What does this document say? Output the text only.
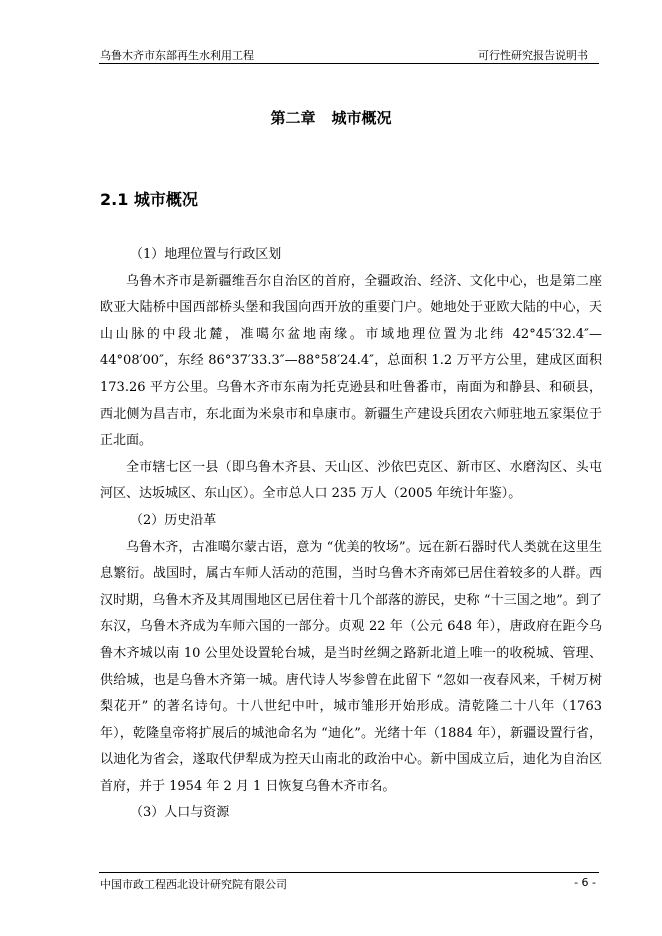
乌鲁木齐市东部再生水利用工程	可行性研究报告说明书
第二章 城市概况
2.1 城市概况

（1）地理位置与行政区划

乌鲁木齐市是新疆维吾尔自治区的首府，全疆政治、经济、文化中心，也是第二座欧亚大陆桥中国西部桥头堡和我国向西开放的重要门户。她地处于亚欧大陆的中心，天山山脉的中段北麓，准噶尔盆地南缘。市域地理位置为北纬 42°45′32.4″—44°08′00″，东经 86°37′33.3″—88°58′24.4″，总面积 1.2 万平方公里，建成区面积 173.26 平方公里。乌鲁木齐市东南为托克逊县和吐鲁番市，南面为和静县、和硕县，西北侧为昌吉市，东北面为米泉市和阜康市。新疆生产建设兵团农六师驻地五家渠位于正北面。

全市辖七区一县（即乌鲁木齐县、天山区、沙依巴克区、新市区、水磨沟区、头屯河区、达坂城区、东山区）。全市总人口 235 万人（2005 年统计年鉴）。

（2）历史沿革

乌鲁木齐，古准噶尔蒙古语，意为 “优美的牧场”。远在新石器时代人类就在这里生息繁衍。战国时，属古车师人活动的范围，当时乌鲁木齐南郊已居住着较多的人群。西汉时期，乌鲁木齐及其周围地区已居住着十几个部落的游民，史称 “十三国之地”。到了东汉，乌鲁木齐成为车师六国的一部分。贞观 22 年（公元 648 年），唐政府在距今乌鲁木齐城以南 10 公里处设置轮台城，是当时丝绸之路新北道上唯一的收税城、管理、供给城，也是乌鲁木齐第一城。唐代诗人岑参曾在此留下 “忽如一夜春风来，千树万树梨花开” 的著名诗句。十八世纪中叶，城市雏形开始形成。清乾隆二十八年（1763 年），乾隆皇帝将扩展后的城池命名为 “迪化”。光绪十年（1884 年），新疆设置行省，以迪化为省会，遂取代伊犁成为控天山南北的政治中心。新中国成立后，迪化为自治区首府，并于 1954 年 2 月 1 日恢复乌鲁木齐市名。

（3）人口与资源

中国市政工程西北设计研究院有限公司	- 6 -
